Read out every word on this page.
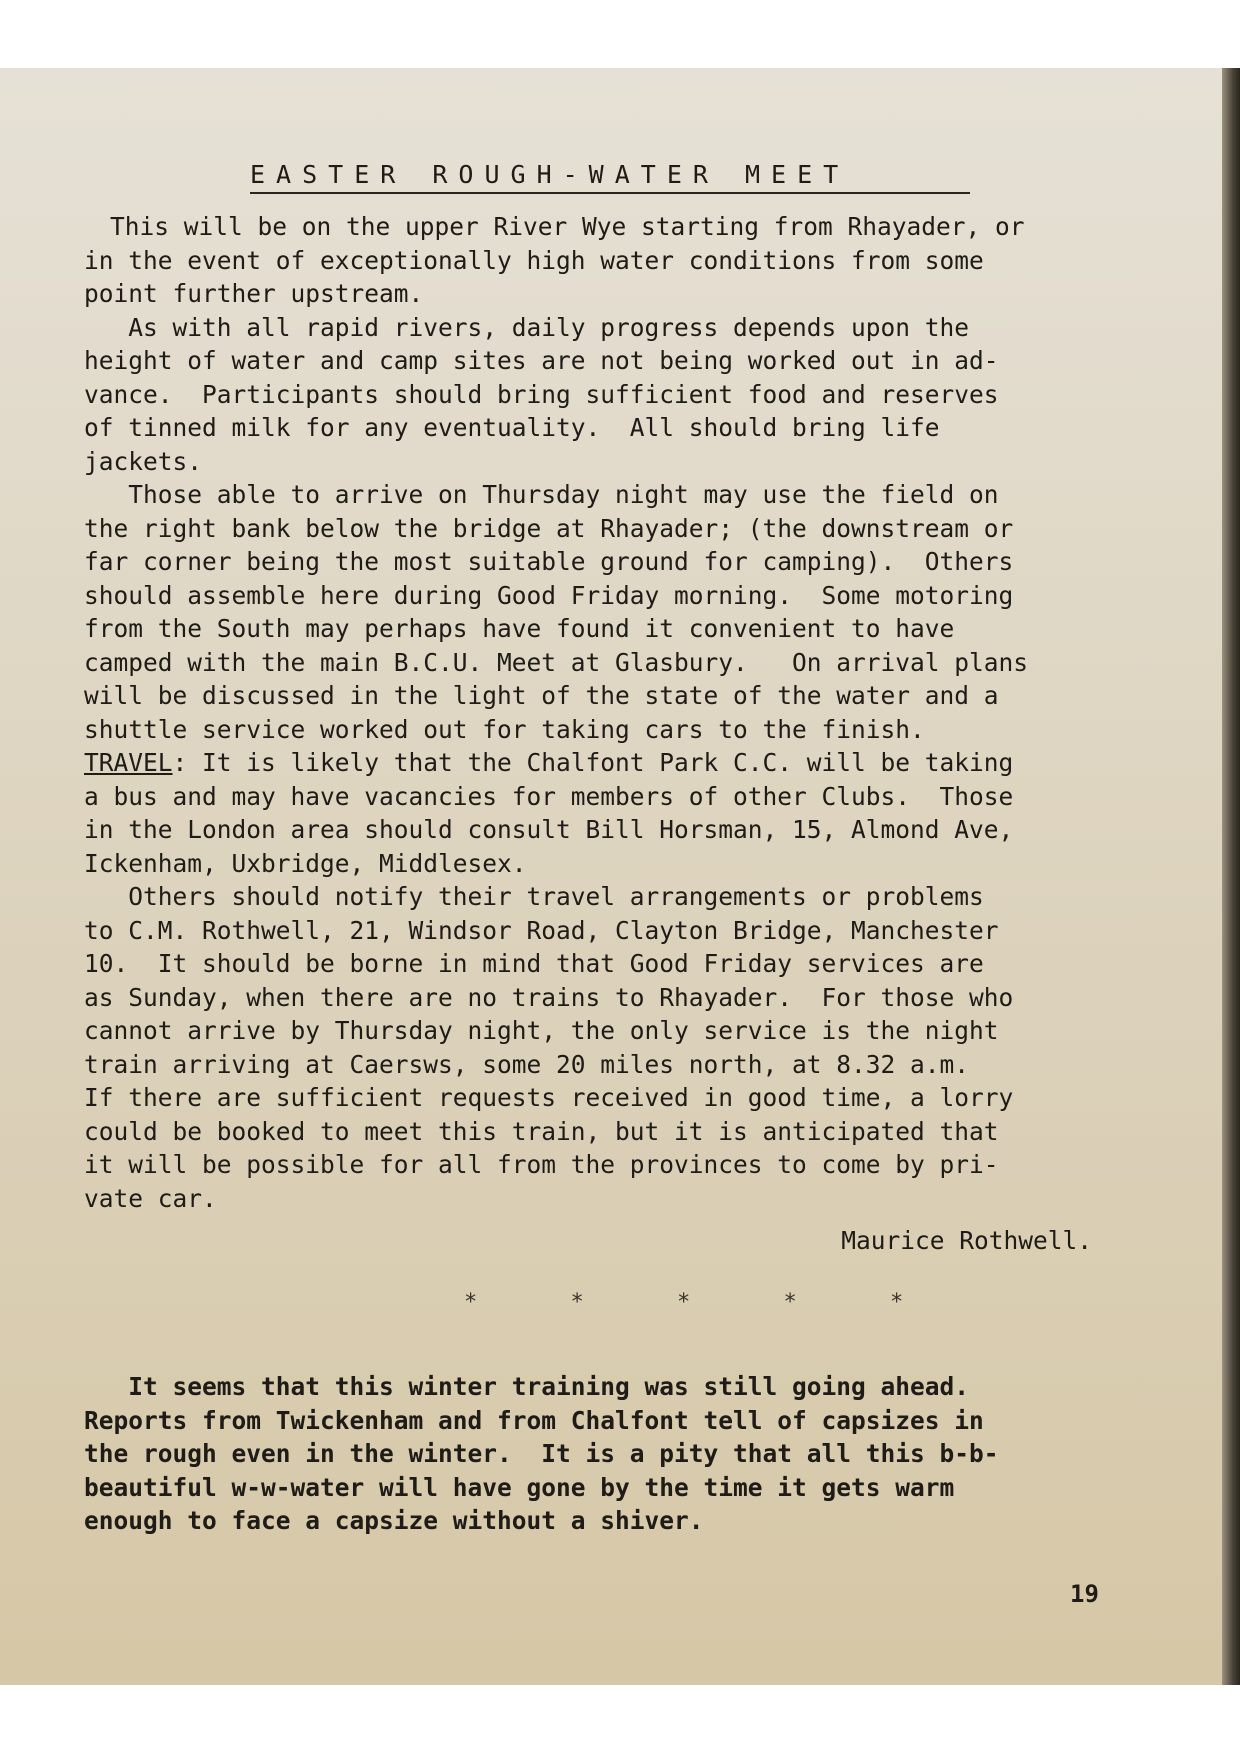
EASTER ROUGH-WATER MEET
This will be on the upper River Wye starting from Rhayader, or
in the event of exceptionally high water conditions from some
point further upstream.
As with all rapid rivers, daily progress depends upon the
height of water and camp sites are not being worked out in ad-
vance.  Participants should bring sufficient food and reserves
of tinned milk for any eventuality.  All should bring life
jackets.
Those able to arrive on Thursday night may use the field on
the right bank below the bridge at Rhayader; (the downstream or
far corner being the most suitable ground for camping).  Others
should assemble here during Good Friday morning.  Some motoring
from the South may perhaps have found it convenient to have
camped with the main B.C.U. Meet at Glasbury.   On arrival plans
will be discussed in the light of the state of the water and a
shuttle service worked out for taking cars to the finish.
TRAVEL: It is likely that the Chalfont Park C.C. will be taking
a bus and may have vacancies for members of other Clubs.  Those
in the London area should consult Bill Horsman, 15, Almond Ave,
Ickenham, Uxbridge, Middlesex.
Others should notify their travel arrangements or problems
to C.M. Rothwell, 21, Windsor Road, Clayton Bridge, Manchester
10.  It should be borne in mind that Good Friday services are
as Sunday, when there are no trains to Rhayader.  For those who
cannot arrive by Thursday night, the only service is the night
train arriving at Caersws, some 20 miles north, at 8.32 a.m.
If there are sufficient requests received in good time, a lorry
could be booked to meet this train, but it is anticipated that
it will be possible for all from the provinces to come by pri-
vate car.
Maurice Rothwell.
* * * * *
It seems that this winter training was still going ahead.
Reports from Twickenham and from Chalfont tell of capsizes in
the rough even in the winter.  It is a pity that all this b-b-
beautiful w-w-water will have gone by the time it gets warm
enough to face a capsize without a shiver.
19
